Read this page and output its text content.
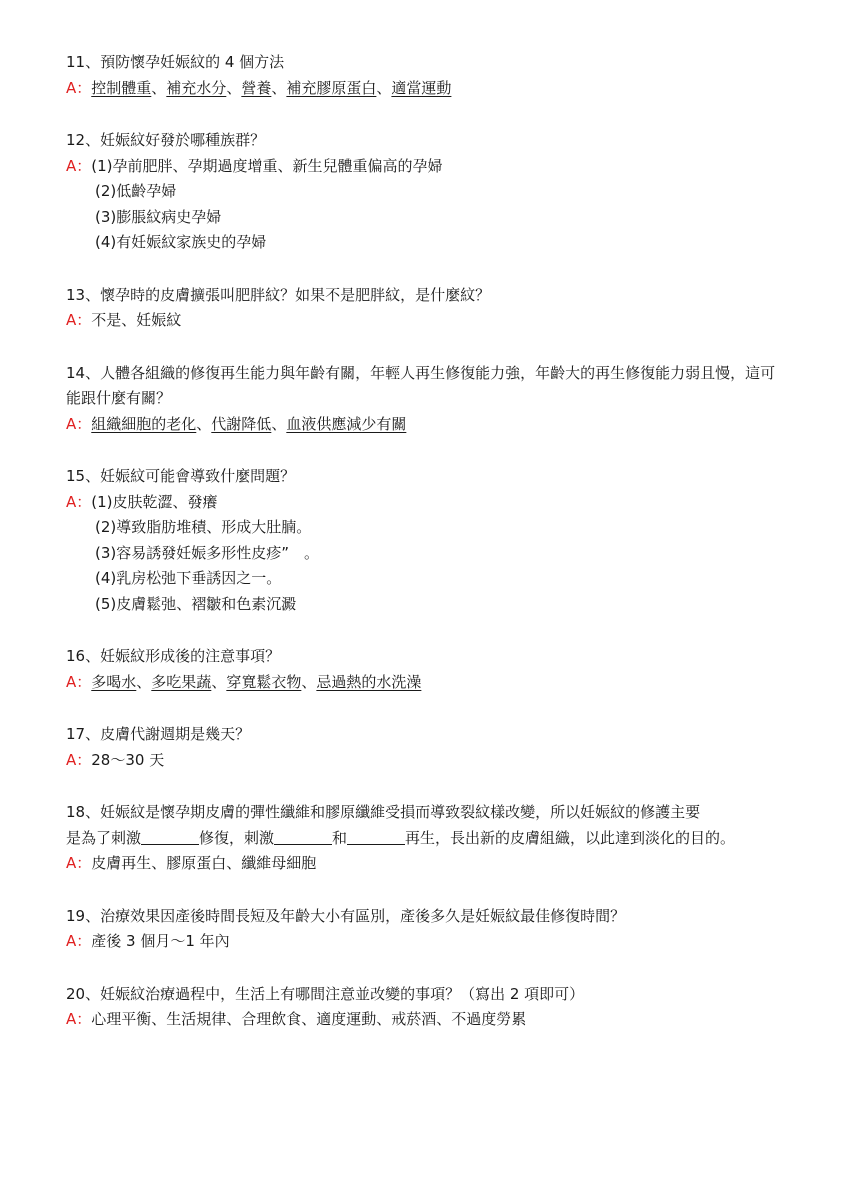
11、預防懷孕妊娠紋的 4 個方法
A：控制體重、補充水分、營養、補充膠原蛋白、適當運動
12、妊娠紋好發於哪種族群？
A：(1)孕前肥胖、孕期過度增重、新生兒體重偏高的孕婦
(2)低齡孕婦
(3)膨脹紋病史孕婦
(4)有妊娠紋家族史的孕婦
13、懷孕時的皮膚擴張叫肥胖紋？如果不是肥胖紋，是什麼紋？
A：不是、妊娠紋
14、人體各組織的修復再生能力與年齡有關，年輕人再生修復能力強，年齡大的再生修復能力弱且慢，這可能跟什麼有關？
A：組織細胞的老化、代謝降低、血液供應減少有關
15、妊娠紋可能會導致什麼問題？
A：(1)皮肤乾澀、發癢
(2)導致脂肪堆積、形成大肚腩。
(3)容易誘發妊娠多形性皮疹”　。
(4)乳房松弛下垂誘因之一。
(5)皮膚鬆弛、褶皺和色素沉澱
16、妊娠紋形成後的注意事項？
A：多喝水、多吃果蔬、穿寬鬆衣物、忌過熱的水洗澡
17、皮膚代謝週期是幾天？
A：28～30 天
18、妊娠紋是懷孕期皮膚的彈性纖維和膠原纖維受損而導致裂紋樣改變，所以妊娠紋的修護主要
是為了刺激	修復，刺激	和	再生，長出新的皮膚組織，以此達到淡化的目的。
A：皮膚再生、膠原蛋白、纖維母細胞
19、治療效果因產後時間長短及年齡大小有區別，產後多久是妊娠紋最佳修復時間？
A：產後 3 個月～1 年內
20、妊娠紋治療過程中，生活上有哪間注意並改變的事項？（寫出 2 項即可）
A：心理平衡、生活規律、合理飲食、適度運動、戒菸酒、不過度勞累
